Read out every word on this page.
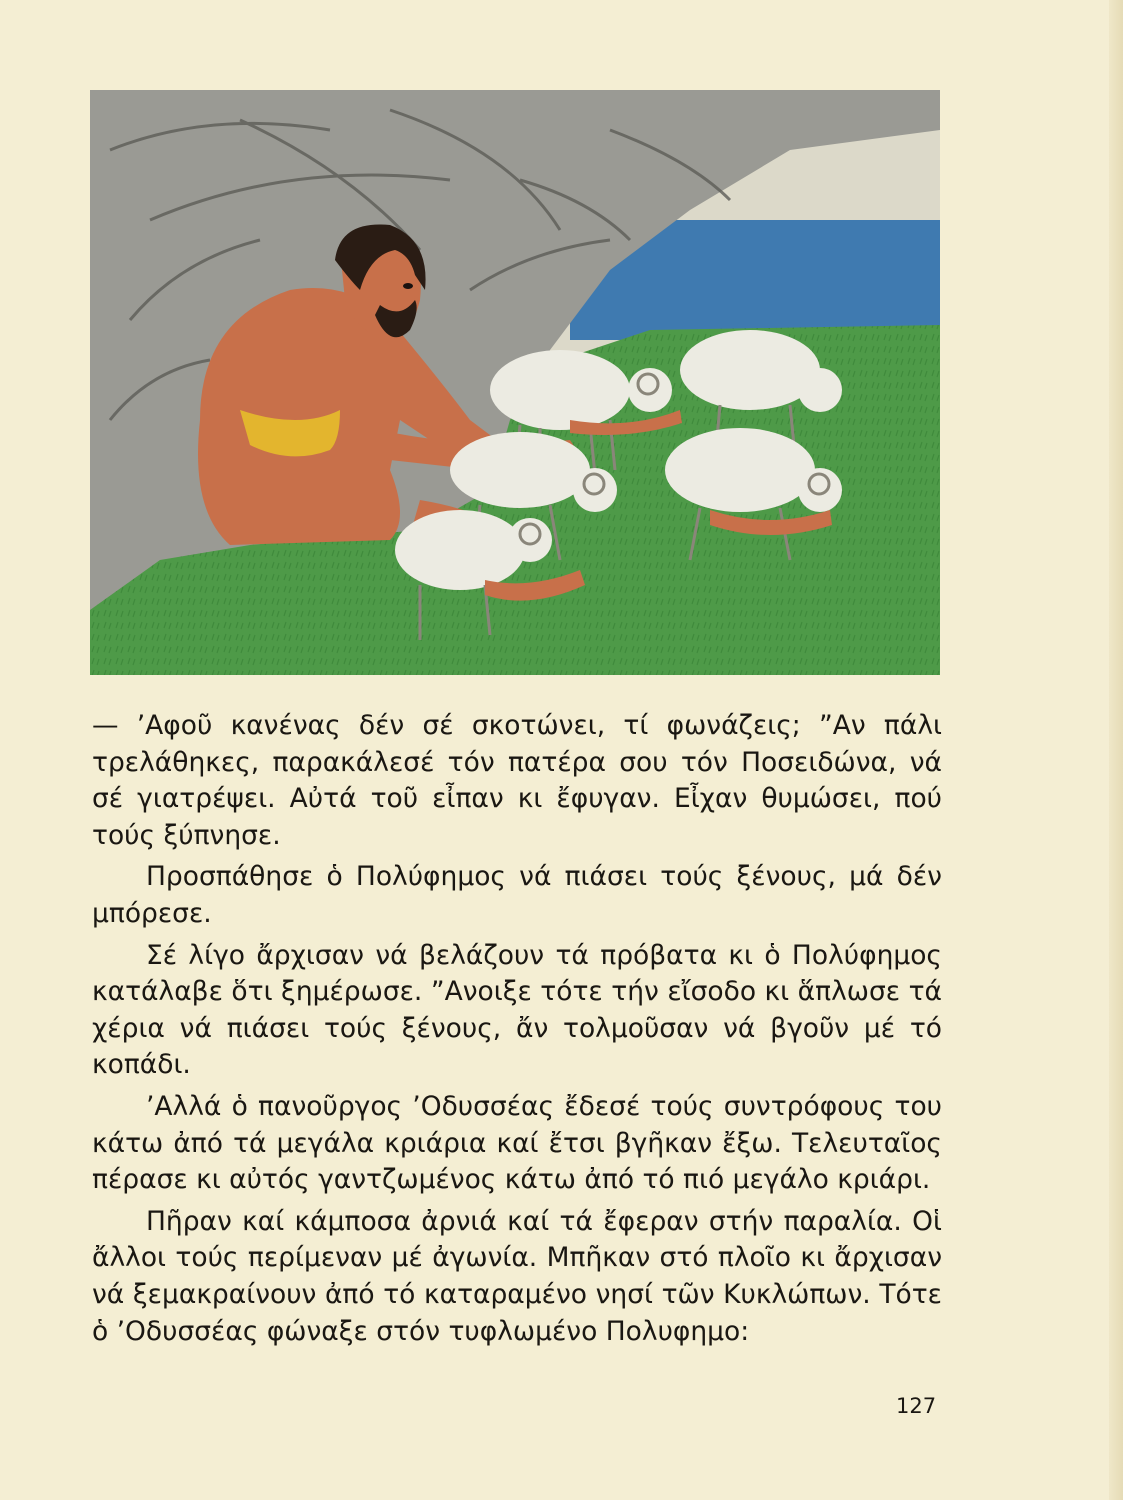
— ’Αφοῦ κανένας δέν σέ σκοτώνει, τί φωνάζεις; ”Αν πάλι τρελάθηκες, παρακάλεσέ τόν πατέρα σου τόν Ποσειδώνα, νά σέ γιατρέψει. Αὐτά τοῦ εἶπαν κι ἔφυγαν. Εἶχαν θυμώσει, πού τούς ξύπνησε.

Προσπάθησε ὁ Πολύφημος νά πιάσει τούς ξένους, μά δέν μπόρεσε.

Σέ λίγο ἄρχισαν νά βελάζουν τά πρόβατα κι ὁ Πολύφημος κατάλαβε ὅτι ξημέρωσε. ”Ανοιξε τότε τήν εἴσοδο κι ἅπλωσε τά χέρια νά πιάσει τούς ξένους, ἄν τολμοῦσαν νά βγοῦν μέ τό κοπάδι.

’Αλλά ὁ πανοῦργος ’Οδυσσέας ἔδεσέ τούς συντρόφους του κάτω ἀπό τά μεγάλα κριάρια καί ἔτσι βγῆκαν ἔξω. Τελευταῖος πέρασε κι αὐτός γαντζωμένος κάτω ἀπό τό πιό μεγάλο κριάρι.

Πῆραν καί κάμποσα ἀρνιά καί τά ἔφεραν στήν παραλία. Οἱ ἄλλοι τούς περίμεναν μέ ἀγωνία. Μπῆκαν στό πλοῖο κι ἄρχισαν νά ξεμακραίνουν ἀπό τό καταραμένο νησί τῶν Κυκλώπων. Τότε ὁ ’Οδυσσέας φώναξε στόν τυφλωμένο Πολυφημο:

127
